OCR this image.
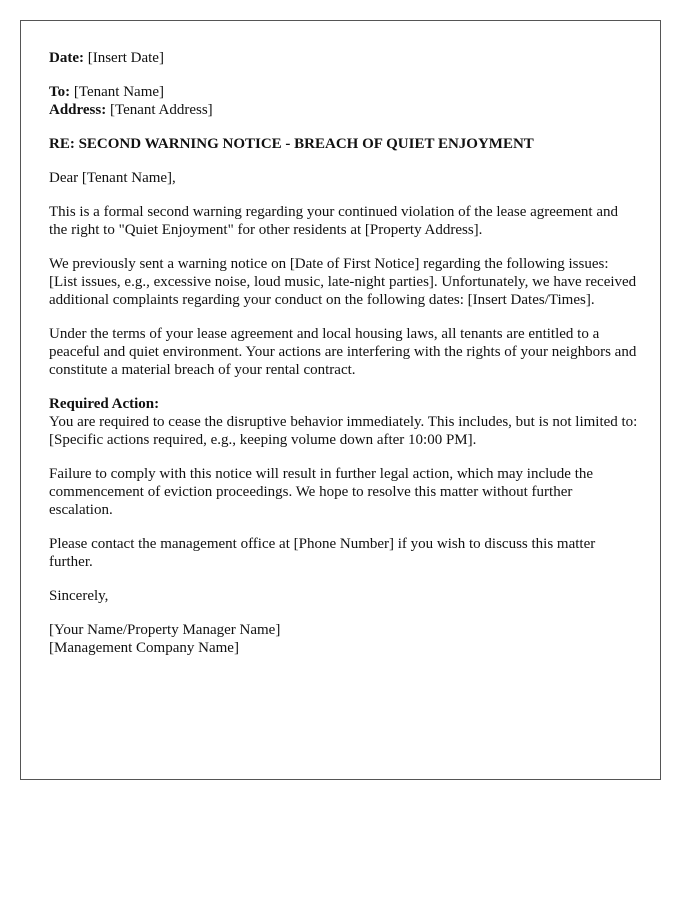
Date: [Insert Date]
To: [Tenant Name]
Address: [Tenant Address]
RE: SECOND WARNING NOTICE - BREACH OF QUIET ENJOYMENT
Dear [Tenant Name],

This is a formal second warning regarding your continued violation of the lease agreement and the right to "Quiet Enjoyment" for other residents at [Property Address].

We previously sent a warning notice on [Date of First Notice] regarding the following issues: [List issues, e.g., excessive noise, loud music, late-night parties]. Unfortunately, we have received additional complaints regarding your conduct on the following dates: [Insert Dates/Times].

Under the terms of your lease agreement and local housing laws, all tenants are entitled to a peaceful and quiet environment. Your actions are interfering with the rights of your neighbors and constitute a material breach of your rental contract.

Required Action:
You are required to cease the disruptive behavior immediately. This includes, but is not limited to: [Specific actions required, e.g., keeping volume down after 10:00 PM].

Failure to comply with this notice will result in further legal action, which may include the commencement of eviction proceedings. We hope to resolve this matter without further escalation.

Please contact the management office at [Phone Number] if you wish to discuss this matter further.

Sincerely,
[Your Name/Property Manager Name]
[Management Company Name]
